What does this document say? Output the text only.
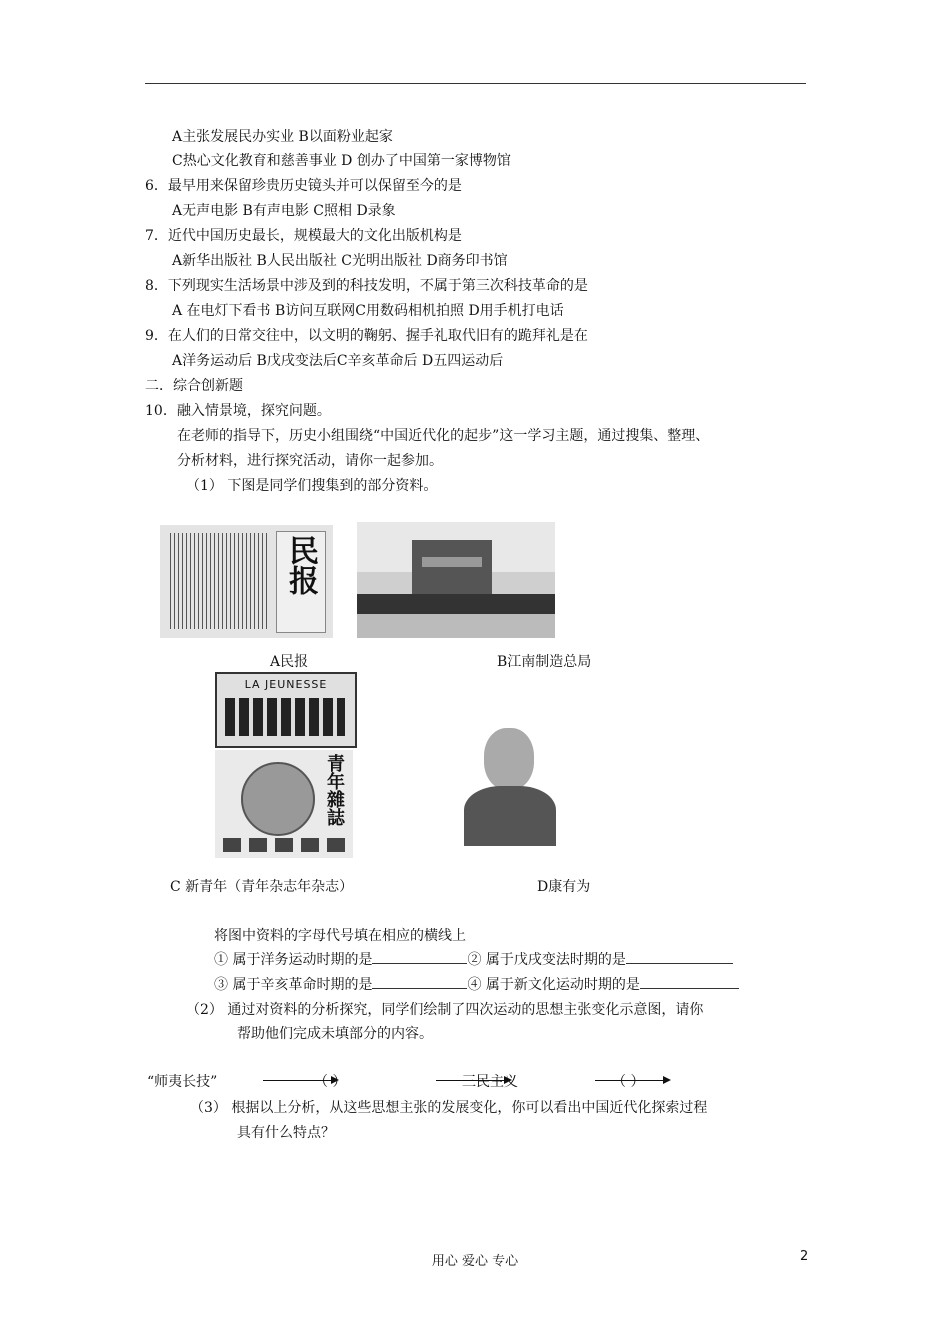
A主张发展民办实业 B以面粉业起家
C热心文化教育和慈善事业 D 创办了中国第一家博物馆
6．最早用来保留珍贵历史镜头并可以保留至今的是
A无声电影 B有声电影 C照相 D录象
7．近代中国历史最长，规模最大的文化出版机构是
A新华出版社 B人民出版社 C光明出版社 D商务印书馆
8．下列现实生活场景中涉及到的科技发明，不属于第三次科技革命的是
A 在电灯下看书 B访问互联网C用数码相机拍照 D用手机打电话
9．在人们的日常交往中，以文明的鞠躬、握手礼取代旧有的跪拜礼是在
A洋务运动后 B戊戌变法后C辛亥革命后 D五四运动后
二．综合创新题
10．融入情景境，探究问题。
在老师的指导下，历史小组围绕“中国近代化的起步”这一学习主题，通过搜集、整理、
分析材料，进行探究活动，请你一起参加。
（1） 下图是同学们搜集到的部分资料。
民报
A民报	B江南制造总局
LA JEUNESSE
青年雜誌
C 新青年（青年杂志年杂志）	D康有为
将图中资料的字母代号填在相应的横线上
① 属于洋务运动时期的是	② 属于戊戌变法时期的是
③ 属于辛亥革命时期的是	④ 属于新文化运动时期的是
（2） 通过对资料的分析探究，同学们绘制了四次运动的思想主张变化示意图，请你
帮助他们完成未填部分的内容。
“师夷长技”	（ ）	三民主义	（ ）
（3） 根据以上分析，从这些思想主张的发展变化，你可以看出中国近代化探索过程
具有什么特点？
用心 爱心 专心	2
